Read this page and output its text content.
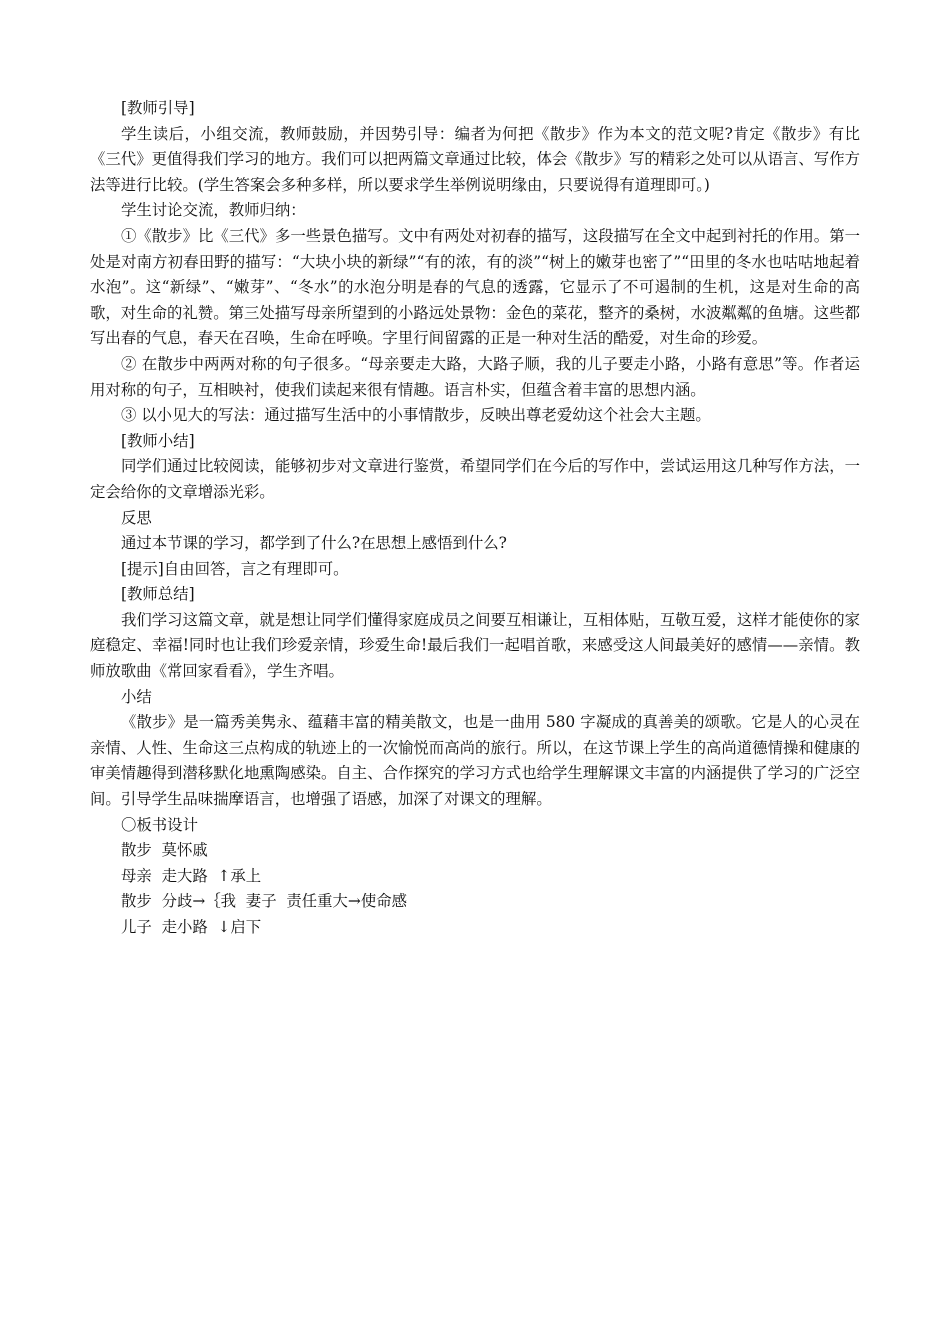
[教师引导]

学生读后，小组交流，教师鼓励，并因势引导：编者为何把《散步》作为本文的范文呢?肯定《散步》有比《三代》更值得我们学习的地方。我们可以把两篇文章通过比较，体会《散步》写的精彩之处可以从语言、写作方法等进行比较。(学生答案会多种多样，所以要求学生举例说明缘由，只要说得有道理即可。)

学生讨论交流，教师归纳：

①《散步》比《三代》多一些景色描写。文中有两处对初春的描写，这段描写在全文中起到衬托的作用。第一处是对南方初春田野的描写：“大块小块的新绿”“有的浓，有的淡”“树上的嫩芽也密了”“田里的冬水也咕咕地起着水泡”。这“新绿”、“嫩芽”、“冬水”的水泡分明是春的气息的透露，它显示了不可遏制的生机，这是对生命的高歌，对生命的礼赞。第三处描写母亲所望到的小路远处景物：金色的菜花，整齐的桑树，水波粼粼的鱼塘。这些都写出春的气息，春天在召唤，生命在呼唤。字里行间留露的正是一种对生活的酷爱，对生命的珍爱。

② 在散步中两两对称的句子很多。“母亲要走大路，大路子顺，我的儿子要走小路，小路有意思”等。作者运用对称的句子，互相映衬，使我们读起来很有情趣。语言朴实，但蕴含着丰富的思想内涵。

③ 以小见大的写法：通过描写生活中的小事情散步，反映出尊老爱幼这个社会大主题。

[教师小结]

同学们通过比较阅读，能够初步对文章进行鉴赏，希望同学们在今后的写作中，尝试运用这几种写作方法，一定会给你的文章增添光彩。

反思

通过本节课的学习，都学到了什么?在思想上感悟到什么?

[提示]自由回答，言之有理即可。

[教师总结]

我们学习这篇文章，就是想让同学们懂得家庭成员之间要互相谦让，互相体贴，互敬互爱，这样才能使你的家庭稳定、幸福!同时也让我们珍爱亲情，珍爱生命!最后我们一起唱首歌，来感受这人间最美好的感情——亲情。教师放歌曲《常回家看看》，学生齐唱。

小结

《散步》是一篇秀美隽永、蕴藉丰富的精美散文，也是一曲用 580 字凝成的真善美的颂歌。它是人的心灵在亲情、人性、生命这三点构成的轨迹上的一次愉悦而高尚的旅行。所以，在这节课上学生的高尚道德情操和健康的审美情趣得到潜移默化地熏陶感染。自主、合作探究的学习方式也给学生理解课文丰富的内涵提供了学习的广泛空间。引导学生品味揣摩语言，也增强了语感，加深了对课文的理解。

〇板书设计

散步  莫怀戚
母亲  走大路  ↑承上
散步  分歧→｛我  妻子  责任重大→使命感
儿子  走小路  ↓启下
